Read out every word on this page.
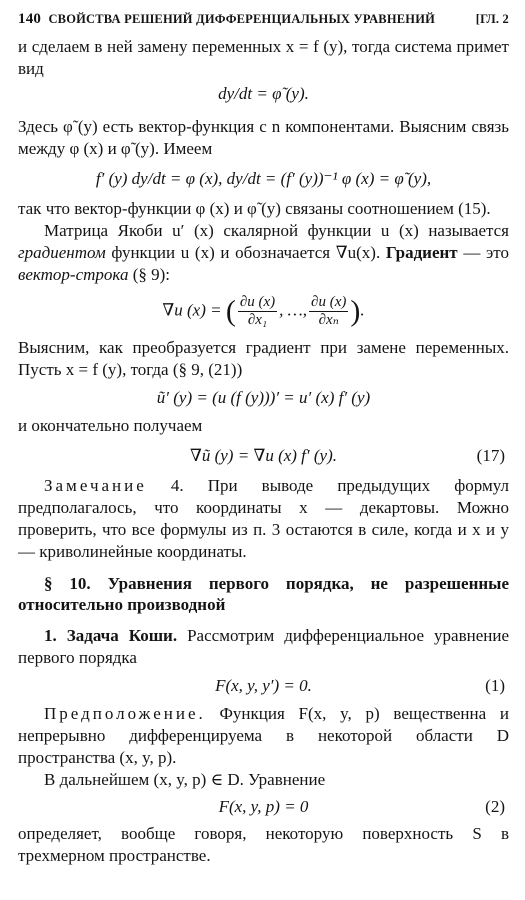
140 СВОЙСТВА РЕШЕНИЙ ДИФФЕРЕНЦИАЛЬНЫХ УРАВНЕНИЙ	[ГЛ. 2

и сделаем в ней замену переменных x = f (y), тогда система примет вид

dy/dt = φ̃ (y).

Здесь φ̃ (y) есть вектор-функция с n компонентами. Выясним связь между φ (x) и φ̃ (y). Имеем

f′ (y) dy/dt = φ (x), dy/dt = (f′ (y))⁻¹ φ (x) = φ̃ (y),

так что вектор-функции φ (x) и φ̃ (y) связаны соотношением (15).

Матрица Якоби u′ (x) скалярной функции u (x) называется градиентом функции u (x) и обозначается ∇u(x). Градиент — это вектор-строка (§ 9):

∇u (x) = ( $\frac{\partial u (x)}{\text{∂x₁}}$ , …, $\frac{\partial u (x)}{\text{∂xₙ}}$ ).

Выясним, как преобразуется градиент при замене переменных. Пусть x = f (y), тогда (§ 9, (21))

ũ′ (y) = (u (f (y)))′ = u′ (x) f′ (y)

и окончательно получаем

∇ũ (y) = ∇u (x) f′ (y).	(17)

Замечание 4. При выводе предыдущих формул предполагалось, что координаты x — декартовы. Можно проверить, что все формулы из п. 3 остаются в силе, когда и x и y — криволинейные координаты.

§ 10. Уравнения первого порядка, не разрешенные относительно производной

1. Задача Коши. Рассмотрим дифференциальное уравнение первого порядка

F(x, y, y′) = 0.	(1)

Предположение. Функция F(x, y, p) вещественна и непрерывно дифференцируема в некоторой области D пространства (x, y, p).

В дальнейшем (x, y, p) ∈ D. Уравнение

F(x, y, p) = 0	(2)

определяет, вообще говоря, некоторую поверхность S в трехмерном пространстве.
